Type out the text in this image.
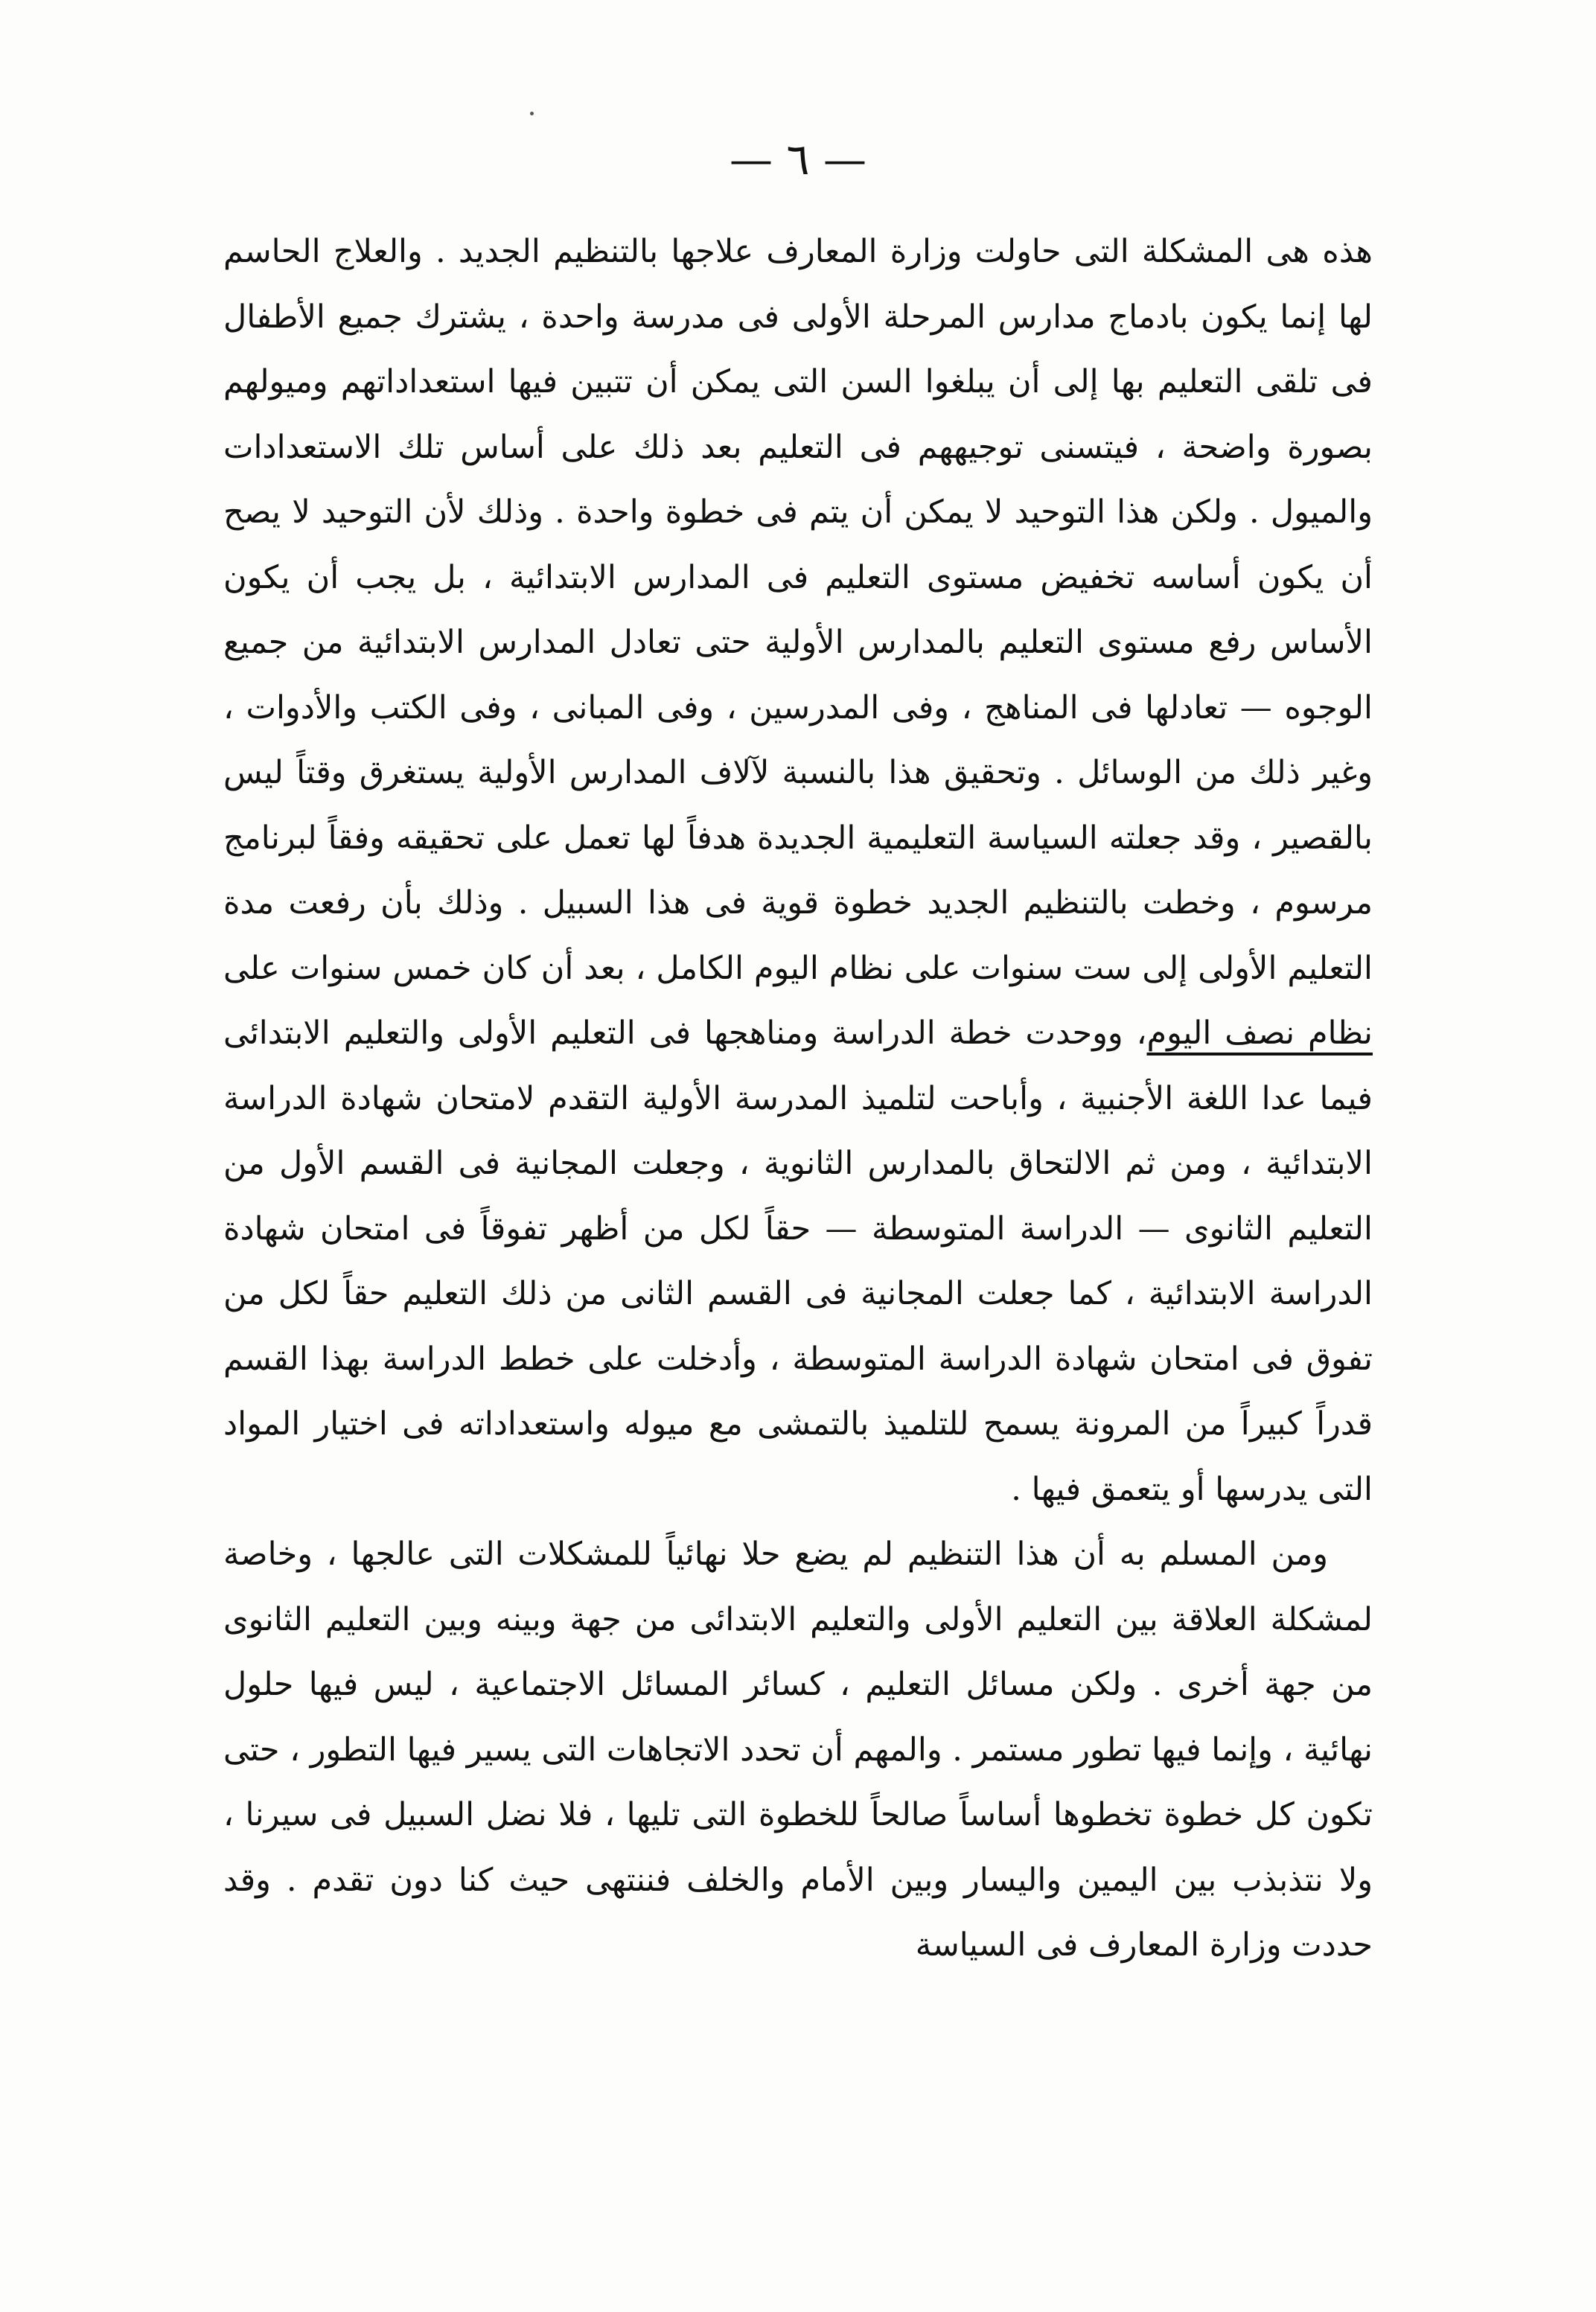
— ٦ —

هذه هى المشكلة التى حاولت وزارة المعارف علاجها بالتنظيم الجديد . والعلاج الحاسم لها إنما يكون بادماج مدارس المرحلة الأولى فى مدرسة واحدة ، يشترك جميع الأطفال فى تلقى التعليم بها إلى أن يبلغوا السن التى يمكن أن تتبين فيها استعداداتهم وميولهم بصورة واضحة ، فيتسنى توجيههم فى التعليم بعد ذلك على أساس تلك الاستعدادات والميول . ولكن هذا التوحيد لا يمكن أن يتم فى خطوة واحدة . وذلك لأن التوحيد لا يصح أن يكون أساسه تخفيض مستوى التعليم فى المدارس الابتدائية ، بل يجب أن يكون الأساس رفع مستوى التعليم بالمدارس الأولية حتى تعادل المدارس الابتدائية من جميع الوجوه — تعادلها فى المناهج ، وفى المدرسين ، وفى المبانى ، وفى الكتب والأدوات ، وغير ذلك من الوسائل . وتحقيق هذا بالنسبة لآلاف المدارس الأولية يستغرق وقتاً ليس بالقصير ، وقد جعلته السياسة التعليمية الجديدة هدفاً لها تعمل على تحقيقه وفقاً لبرنامج مرسوم ، وخطت بالتنظيم الجديد خطوة قوية فى هذا السبيل . وذلك بأن رفعت مدة التعليم الأولى إلى ست سنوات على نظام اليوم الكامل ، بعد أن كان خمس سنوات على نظام نصف اليوم، ووحدت خطة الدراسة ومناهجها فى التعليم الأولى والتعليم الابتدائى فيما عدا اللغة الأجنبية ، وأباحت لتلميذ المدرسة الأولية التقدم لامتحان شهادة الدراسة الابتدائية ، ومن ثم الالتحاق بالمدارس الثانوية ، وجعلت المجانية فى القسم الأول من التعليم الثانوى — الدراسة المتوسطة — حقاً لكل من أظهر تفوقاً فى امتحان شهادة الدراسة الابتدائية ، كما جعلت المجانية فى القسم الثانى من ذلك التعليم حقاً لكل من تفوق فى امتحان شهادة الدراسة المتوسطة ، وأدخلت على خطط الدراسة بهذا القسم قدراً كبيراً من المرونة يسمح للتلميذ بالتمشى مع ميوله واستعداداته فى اختيار المواد التى يدرسها أو يتعمق فيها .

ومن المسلم به أن هذا التنظيم لم يضع حلا نهائياً للمشكلات التى عالجها ، وخاصة لمشكلة العلاقة بين التعليم الأولى والتعليم الابتدائى من جهة وبينه وبين التعليم الثانوى من جهة أخرى . ولكن مسائل التعليم ، كسائر المسائل الاجتماعية ، ليس فيها حلول نهائية ، وإنما فيها تطور مستمر . والمهم أن تحدد الاتجاهات التى يسير فيها التطور ، حتى تكون كل خطوة تخطوها أساساً صالحاً للخطوة التى تليها ، فلا نضل السبيل فى سيرنا ، ولا نتذبذب بين اليمين واليسار وبين الأمام والخلف فننتهى حيث كنا دون تقدم . وقد حددت وزارة المعارف فى السياسة
